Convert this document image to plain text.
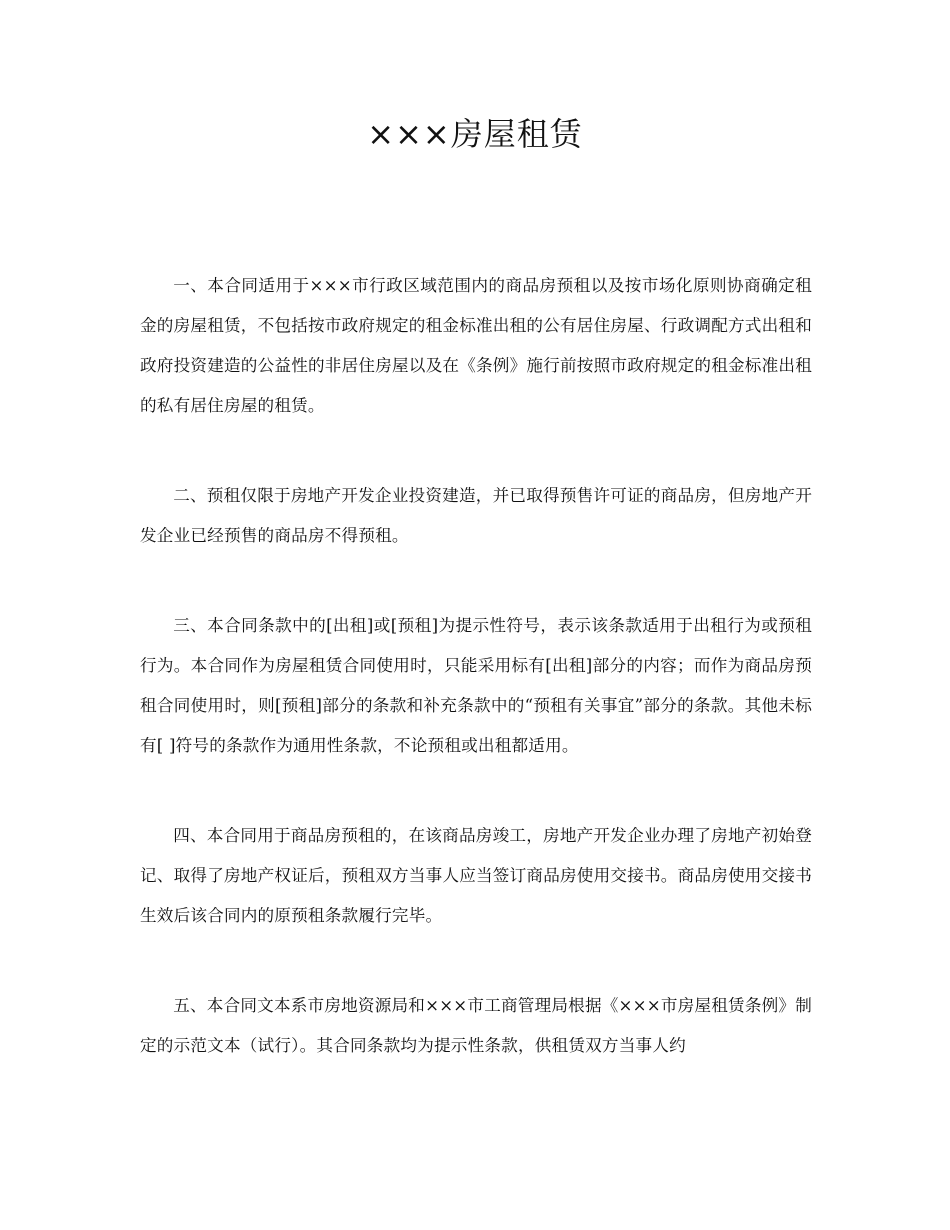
×××房屋租赁

一、本合同适用于×××市行政区域范围内的商品房预租以及按市场化原则协商确定租金的房屋租赁，不包括按市政府规定的租金标准出租的公有居住房屋、行政调配方式出租和政府投资建造的公益性的非居住房屋以及在《条例》施行前按照市政府规定的租金标准出租的私有居住房屋的租赁。

二、预租仅限于房地产开发企业投资建造，并已取得预售许可证的商品房，但房地产开发企业已经预售的商品房不得预租。

三、本合同条款中的[出租]或[预租]为提示性符号，表示该条款适用于出租行为或预租行为。本合同作为房屋租赁合同使用时，只能采用标有[出租]部分的内容；而作为商品房预租合同使用时，则[预租]部分的条款和补充条款中的“预租有关事宜”部分的条款。其他未标有[ ]符号的条款作为通用性条款，不论预租或出租都适用。

四、本合同用于商品房预租的，在该商品房竣工，房地产开发企业办理了房地产初始登记、取得了房地产权证后，预租双方当事人应当签订商品房使用交接书。商品房使用交接书生效后该合同内的原预租条款履行完毕。

五、本合同文本系市房地资源局和×××市工商管理局根据《×××市房屋租赁条例》制定的示范文本（试行）。其合同条款均为提示性条款，供租赁双方当事人约
